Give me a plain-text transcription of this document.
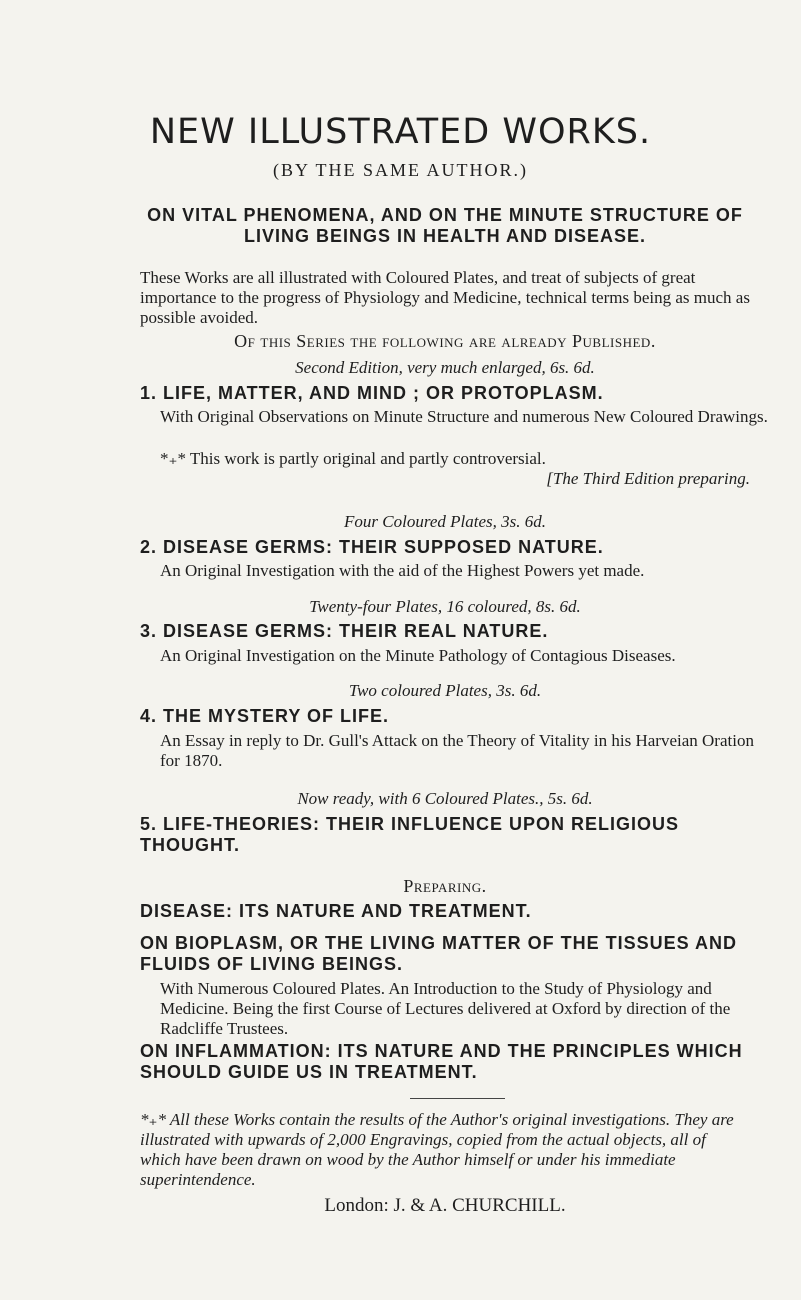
NEW ILLUSTRATED WORKS.
(BY THE SAME AUTHOR.)
ON VITAL PHENOMENA, AND ON THE MINUTE STRUCTURE OF LIVING BEINGS IN HEALTH AND DISEASE.
These Works are all illustrated with Coloured Plates, and treat of subjects of great importance to the progress of Physiology and Medicine, technical terms being as much as possible avoided.
Of this Series the following are already Published.
Second Edition, very much enlarged, 6s. 6d.
1. LIFE, MATTER, AND MIND ; OR PROTOPLASM.
With Original Observations on Minute Structure and numerous New Coloured Drawings.
*₊* This work is partly original and partly controversial.
[The Third Edition preparing.
Four Coloured Plates, 3s. 6d.
2. DISEASE GERMS: THEIR SUPPOSED NATURE.
An Original Investigation with the aid of the Highest Powers yet made.
Twenty-four Plates, 16 coloured, 8s. 6d.
3. DISEASE GERMS: THEIR REAL NATURE.
An Original Investigation on the Minute Pathology of Contagious Diseases.
Two coloured Plates, 3s. 6d.
4. THE MYSTERY OF LIFE.
An Essay in reply to Dr. Gull's Attack on the Theory of Vitality in his Harveian Oration for 1870.
Now ready, with 6 Coloured Plates., 5s. 6d.
5. LIFE-THEORIES: THEIR INFLUENCE UPON RELIGIOUS THOUGHT.
Preparing.
DISEASE: ITS NATURE AND TREATMENT.
ON BIOPLASM, OR THE LIVING MATTER OF THE TISSUES AND FLUIDS OF LIVING BEINGS.
With Numerous Coloured Plates. An Introduction to the Study of Physiology and Medicine. Being the first Course of Lectures delivered at Oxford by direction of the Radcliffe Trustees.
ON INFLAMMATION: ITS NATURE AND THE PRINCIPLES WHICH SHOULD GUIDE US IN TREATMENT.
*₊* All these Works contain the results of the Author's original investigations. They are illustrated with upwards of 2,000 Engravings, copied from the actual objects, all of which have been drawn on wood by the Author himself or under his immediate superintendence.
London: J. & A. CHURCHILL.
